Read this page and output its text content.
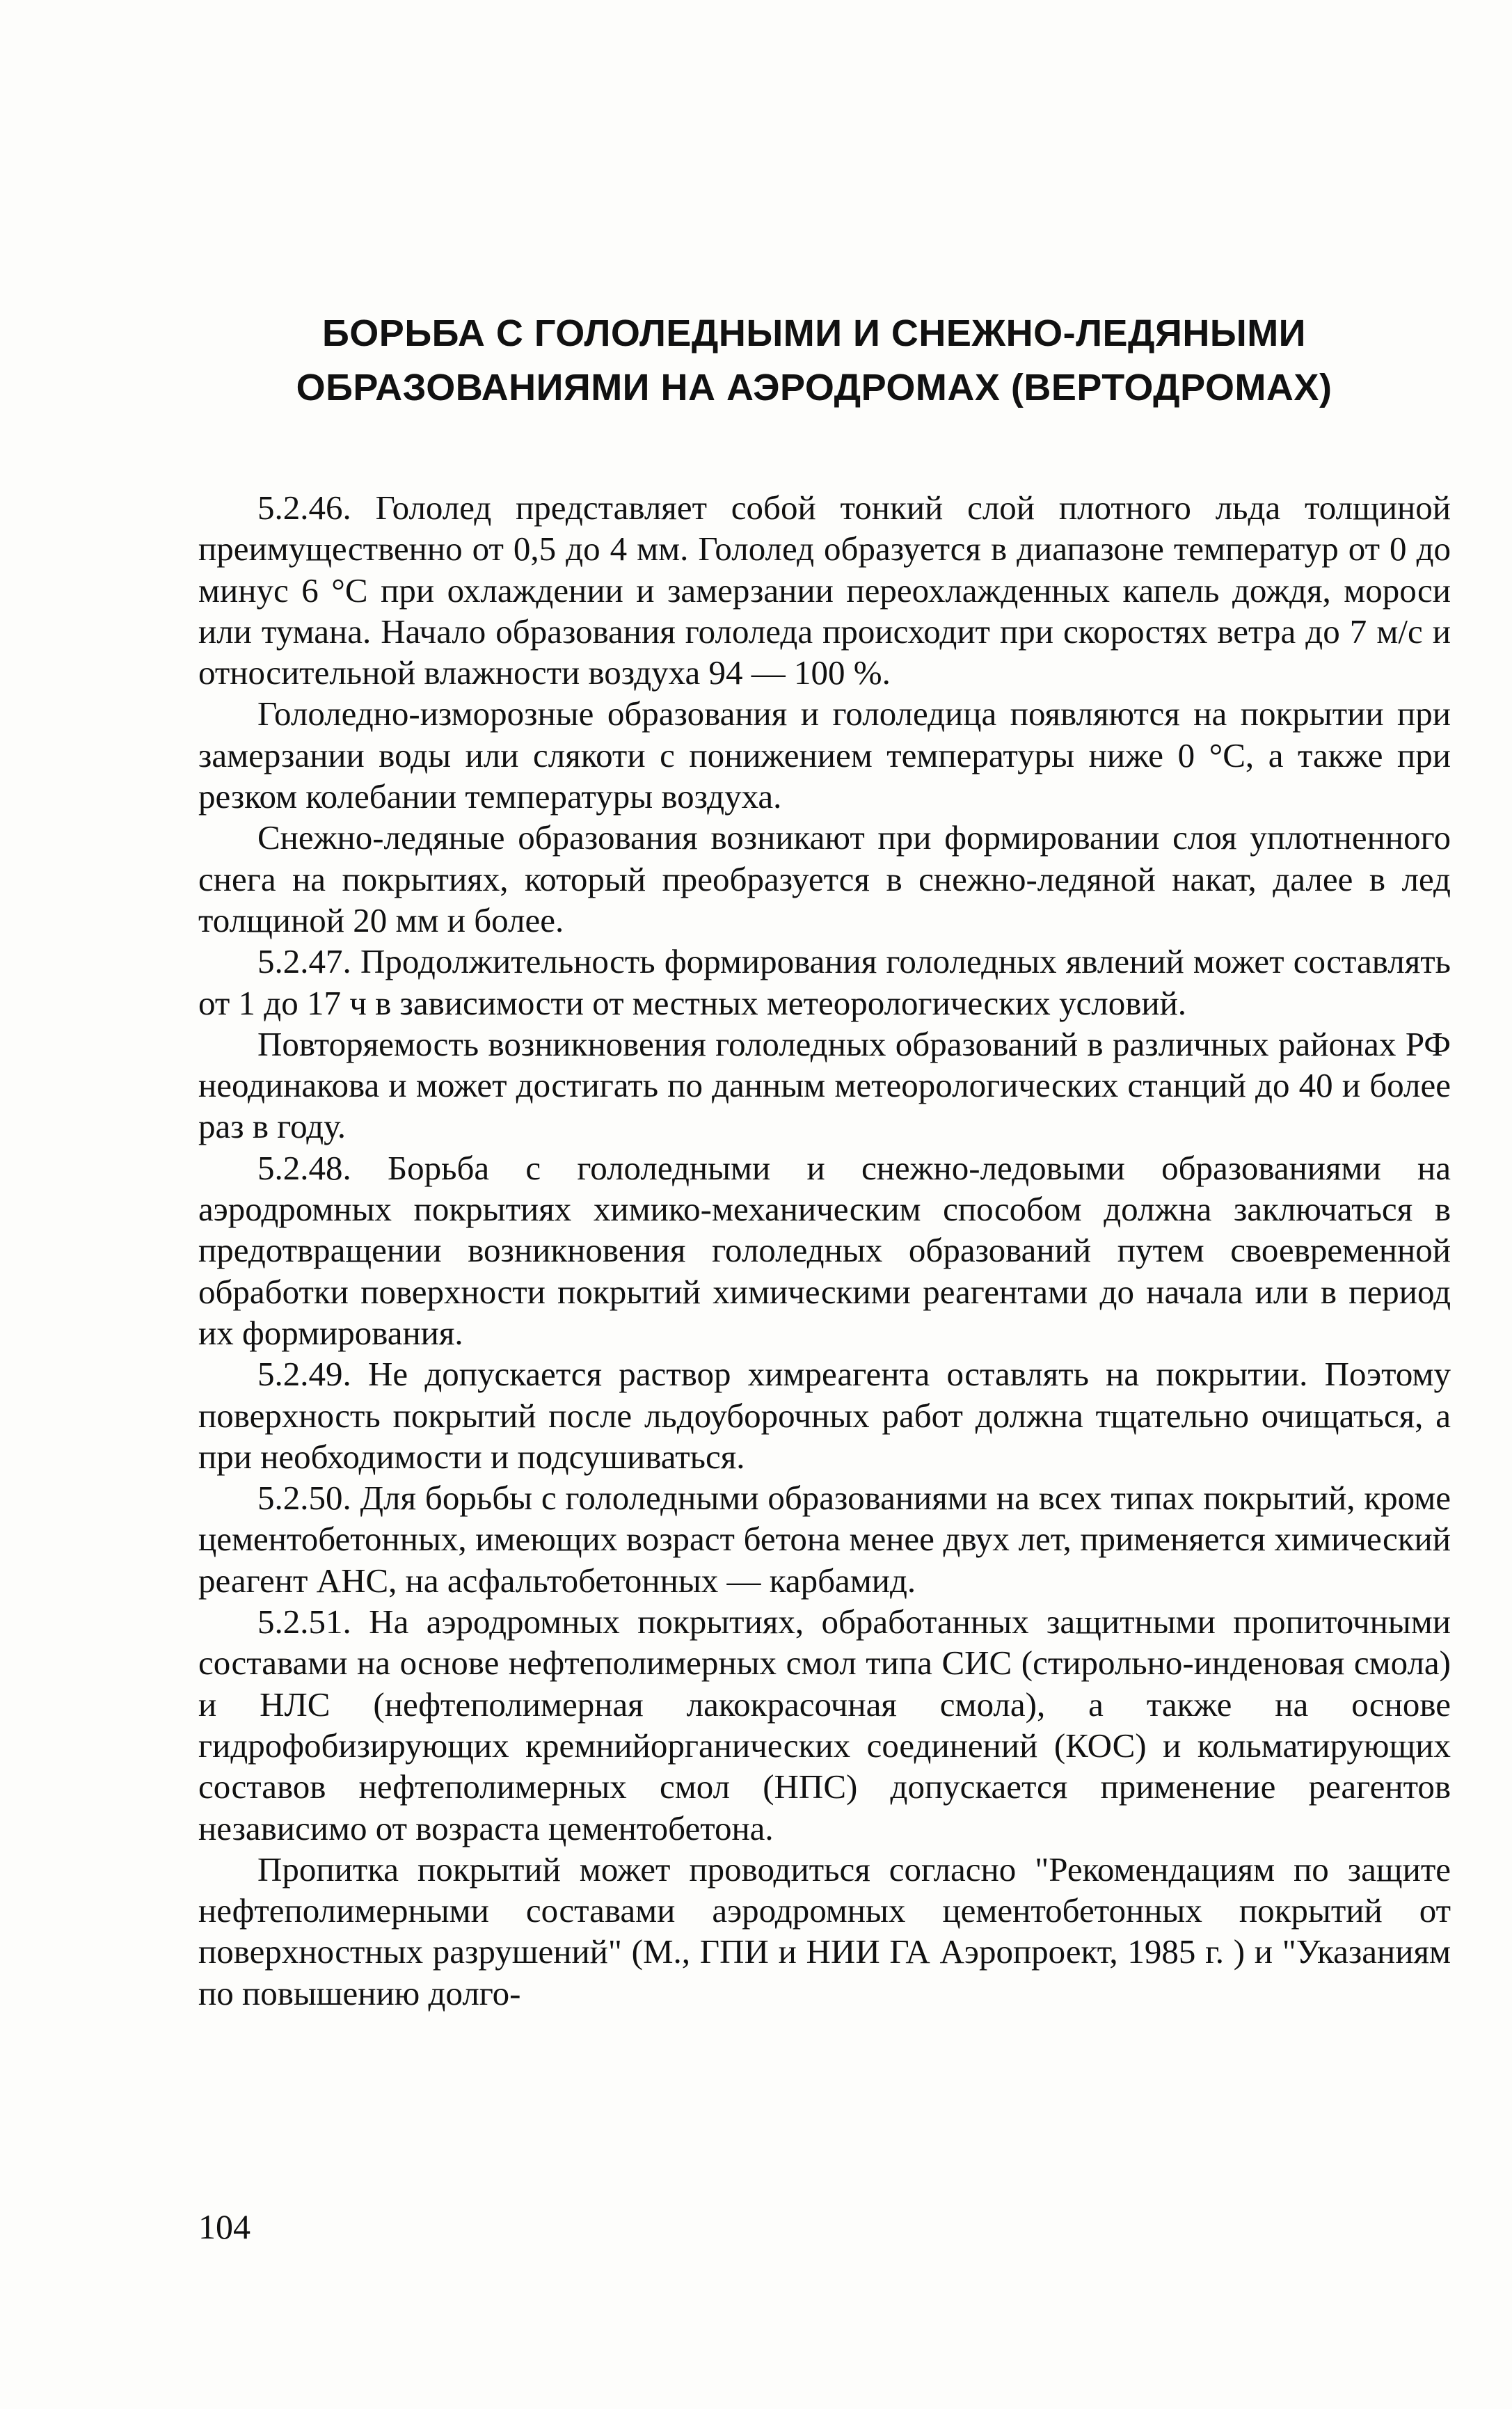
БОРЬБА С ГОЛОЛЕДНЫМИ И СНЕЖНО-ЛЕДЯНЫМИ
ОБРАЗОВАНИЯМИ НА АЭРОДРОМАХ (ВЕРТОДРОМАХ)

5.2.46. Гололед представляет собой тонкий слой плотного льда толщиной преимущественно от 0,5 до 4 мм. Гололед образуется в диапазоне температур от 0 до минус 6 °С при охлаждении и замерзании переохлажденных капель дождя, мороси или тумана. Начало образования гололеда происходит при скоростях ветра до 7 м/с и относительной влажности воздуха 94 — 100 %.

Гололедно-изморозные образования и гололедица появляются на покрытии при замерзании воды или слякоти с понижением температуры ниже 0 °С, а также при резком колебании температуры воздуха.

Снежно-ледяные образования возникают при формировании слоя уплотненного снега на покрытиях, который преобразуется в снежно-ледяной накат, далее в лед толщиной 20 мм и более.

5.2.47. Продолжительность формирования гололедных явлений может составлять от 1 до 17 ч в зависимости от местных метеорологических условий.

Повторяемость возникновения гололедных образований в различных районах РФ неодинакова и может достигать по данным метеорологических станций до 40 и более раз в году.

5.2.48. Борьба с гололедными и снежно-ледовыми образованиями на аэродромных покрытиях химико-механическим способом должна заключаться в предотвращении возникновения гололедных образований путем своевременной обработки поверхности покрытий химическими реагентами до начала или в период их формирования.

5.2.49. Не допускается раствор химреагента оставлять на покрытии. Поэтому поверхность покрытий после льдоуборочных работ должна тщательно очищаться, а при необходимости и подсушиваться.

5.2.50. Для борьбы с гололедными образованиями на всех типах покрытий, кроме цементобетонных, имеющих возраст бетона менее двух лет, применяется химический реагент АНС, на асфальтобетонных — карбамид.

5.2.51. На аэродромных покрытиях, обработанных защитными пропиточными составами на основе нефтеполимерных смол типа СИС (стирольно-инденовая смола) и НЛС (нефтеполимерная лакокрасочная смола), а также на основе гидрофобизирующих кремнийорганических соединений (КОС) и кольматирующих составов нефтеполимерных смол (НПС) допускается применение реагентов независимо от возраста цементобетона.

Пропитка покрытий может проводиться согласно "Рекомендациям по защите нефтеполимерными составами аэродромных цементобетонных покрытий от поверхностных разрушений" (М., ГПИ и НИИ ГА Аэропроект, 1985 г. ) и "Указаниям по повышению долго-

104
